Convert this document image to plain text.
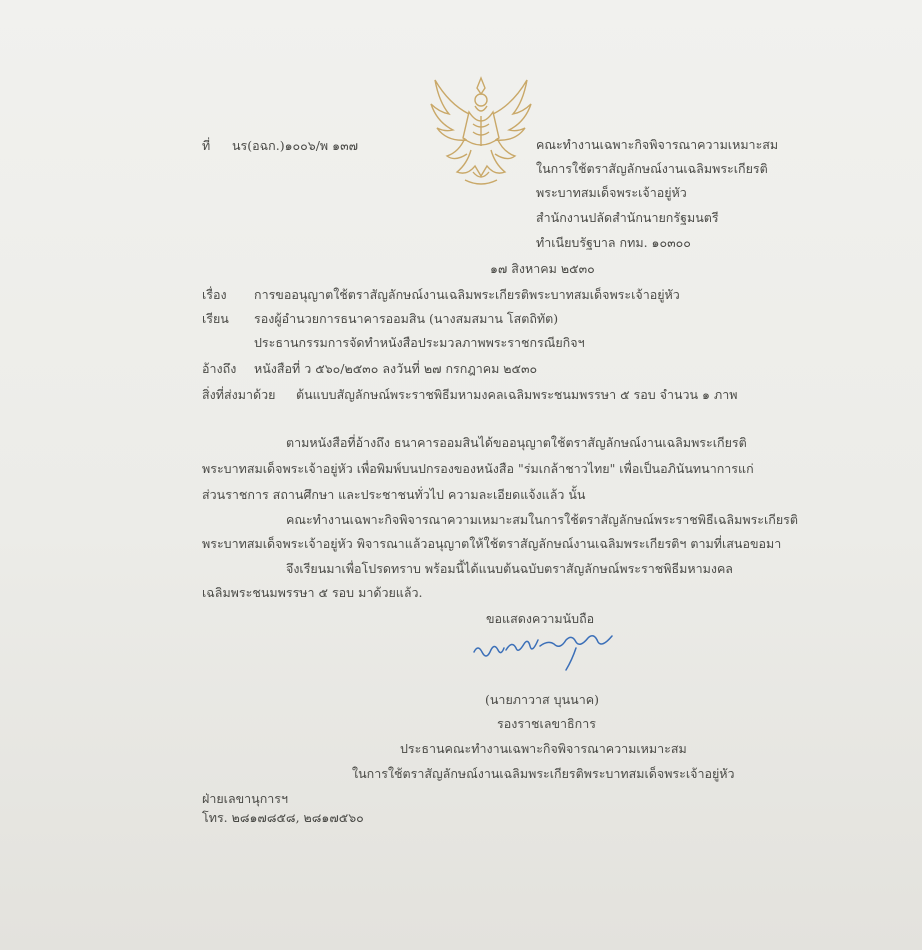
ที่ นร(อฉก.)๑๐๐๖/พ ๑๓๗	คณะทำงานเฉพาะกิจพิจารณาความเหมาะสม
ในการใช้ตราสัญลักษณ์งานเฉลิมพระเกียรติ
พระบาทสมเด็จพระเจ้าอยู่หัว
สำนักงานปลัดสำนักนายกรัฐมนตรี
ทำเนียบรัฐบาล กทม. ๑๐๓๐๐
๑๗ สิงหาคม ๒๕๓๐
เรื่อง การขออนุญาตใช้ตราสัญลักษณ์งานเฉลิมพระเกียรติพระบาทสมเด็จพระเจ้าอยู่หัว
เรียน รองผู้อำนวยการธนาคารออมสิน (นางสมสมาน โสตถิทัต)
ประธานกรรมการจัดทำหนังสือประมวลภาพพระราชกรณียกิจฯ
อ้างถึง หนังสือที่ ว ๕๖๐/๒๕๓๐ ลงวันที่ ๒๗ กรกฎาคม ๒๕๓๐
สิ่งที่ส่งมาด้วย ต้นแบบสัญลักษณ์พระราชพิธีมหามงคลเฉลิมพระชนมพรรษา ๕ รอบ จำนวน ๑ ภาพ
ตามหนังสือที่อ้างถึง ธนาคารออมสินได้ขออนุญาตใช้ตราสัญลักษณ์งานเฉลิมพระเกียรติ
พระบาทสมเด็จพระเจ้าอยู่หัว เพื่อพิมพ์บนปกรองของหนังสือ "ร่มเกล้าชาวไทย" เพื่อเป็นอภินันทนาการแก่
ส่วนราชการ สถานศึกษา และประชาชนทั่วไป ความละเอียดแจ้งแล้ว นั้น
คณะทำงานเฉพาะกิจพิจารณาความเหมาะสมในการใช้ตราสัญลักษณ์พระราชพิธีเฉลิมพระเกียรติ
พระบาทสมเด็จพระเจ้าอยู่หัว พิจารณาแล้วอนุญาตให้ใช้ตราสัญลักษณ์งานเฉลิมพระเกียรติฯ ตามที่เสนอขอมา
จึงเรียนมาเพื่อโปรดทราบ พร้อมนี้ได้แนบต้นฉบับตราสัญลักษณ์พระราชพิธีมหามงคล
เฉลิมพระชนมพรรษา ๕ รอบ มาด้วยแล้ว.
ขอแสดงความนับถือ
(นายภาวาส บุนนาค)
รองราชเลขาธิการ
ประธานคณะทำงานเฉพาะกิจพิจารณาความเหมาะสม
ในการใช้ตราสัญลักษณ์งานเฉลิมพระเกียรติพระบาทสมเด็จพระเจ้าอยู่หัว
ฝ่ายเลขานุการฯ
โทร. ๒๘๑๗๘๕๘, ๒๘๑๗๕๖๐
